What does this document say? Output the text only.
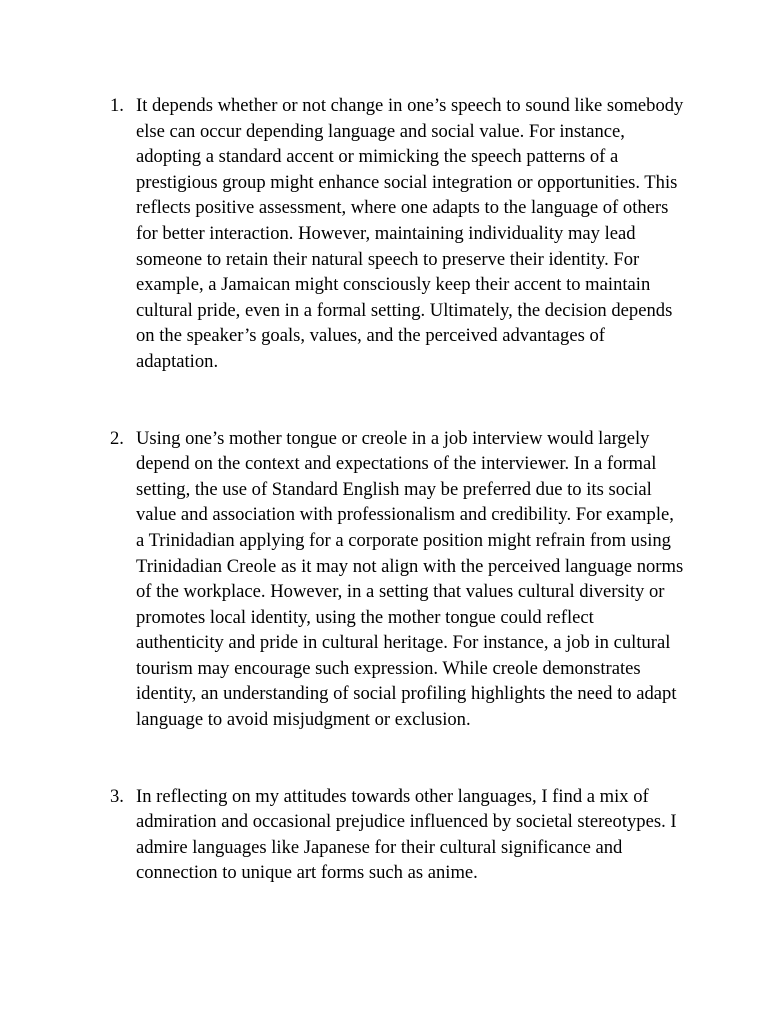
1. It depends whether or not change in one’s speech to sound like somebody else can occur depending language and social value. For instance, adopting a standard accent or mimicking the speech patterns of a prestigious group might enhance social integration or opportunities. This reflects positive assessment, where one adapts to the language of others for better interaction. However, maintaining individuality may lead someone to retain their natural speech to preserve their identity. For example, a Jamaican might consciously keep their accent to maintain cultural pride, even in a formal setting. Ultimately, the decision depends on the speaker’s goals, values, and the perceived advantages of adaptation.
2. Using one’s mother tongue or creole in a job interview would largely depend on the context and expectations of the interviewer. In a formal setting, the use of Standard English may be preferred due to its social value and association with professionalism and credibility. For example, a Trinidadian applying for a corporate position might refrain from using Trinidadian Creole as it may not align with the perceived language norms of the workplace. However, in a setting that values cultural diversity or promotes local identity, using the mother tongue could reflect authenticity and pride in cultural heritage. For instance, a job in cultural tourism may encourage such expression. While creole demonstrates identity, an understanding of social profiling highlights the need to adapt language to avoid misjudgment or exclusion.
3. In reflecting on my attitudes towards other languages, I find a mix of admiration and occasional prejudice influenced by societal stereotypes. I admire languages like Japanese for their cultural significance and connection to unique art forms such as anime.
